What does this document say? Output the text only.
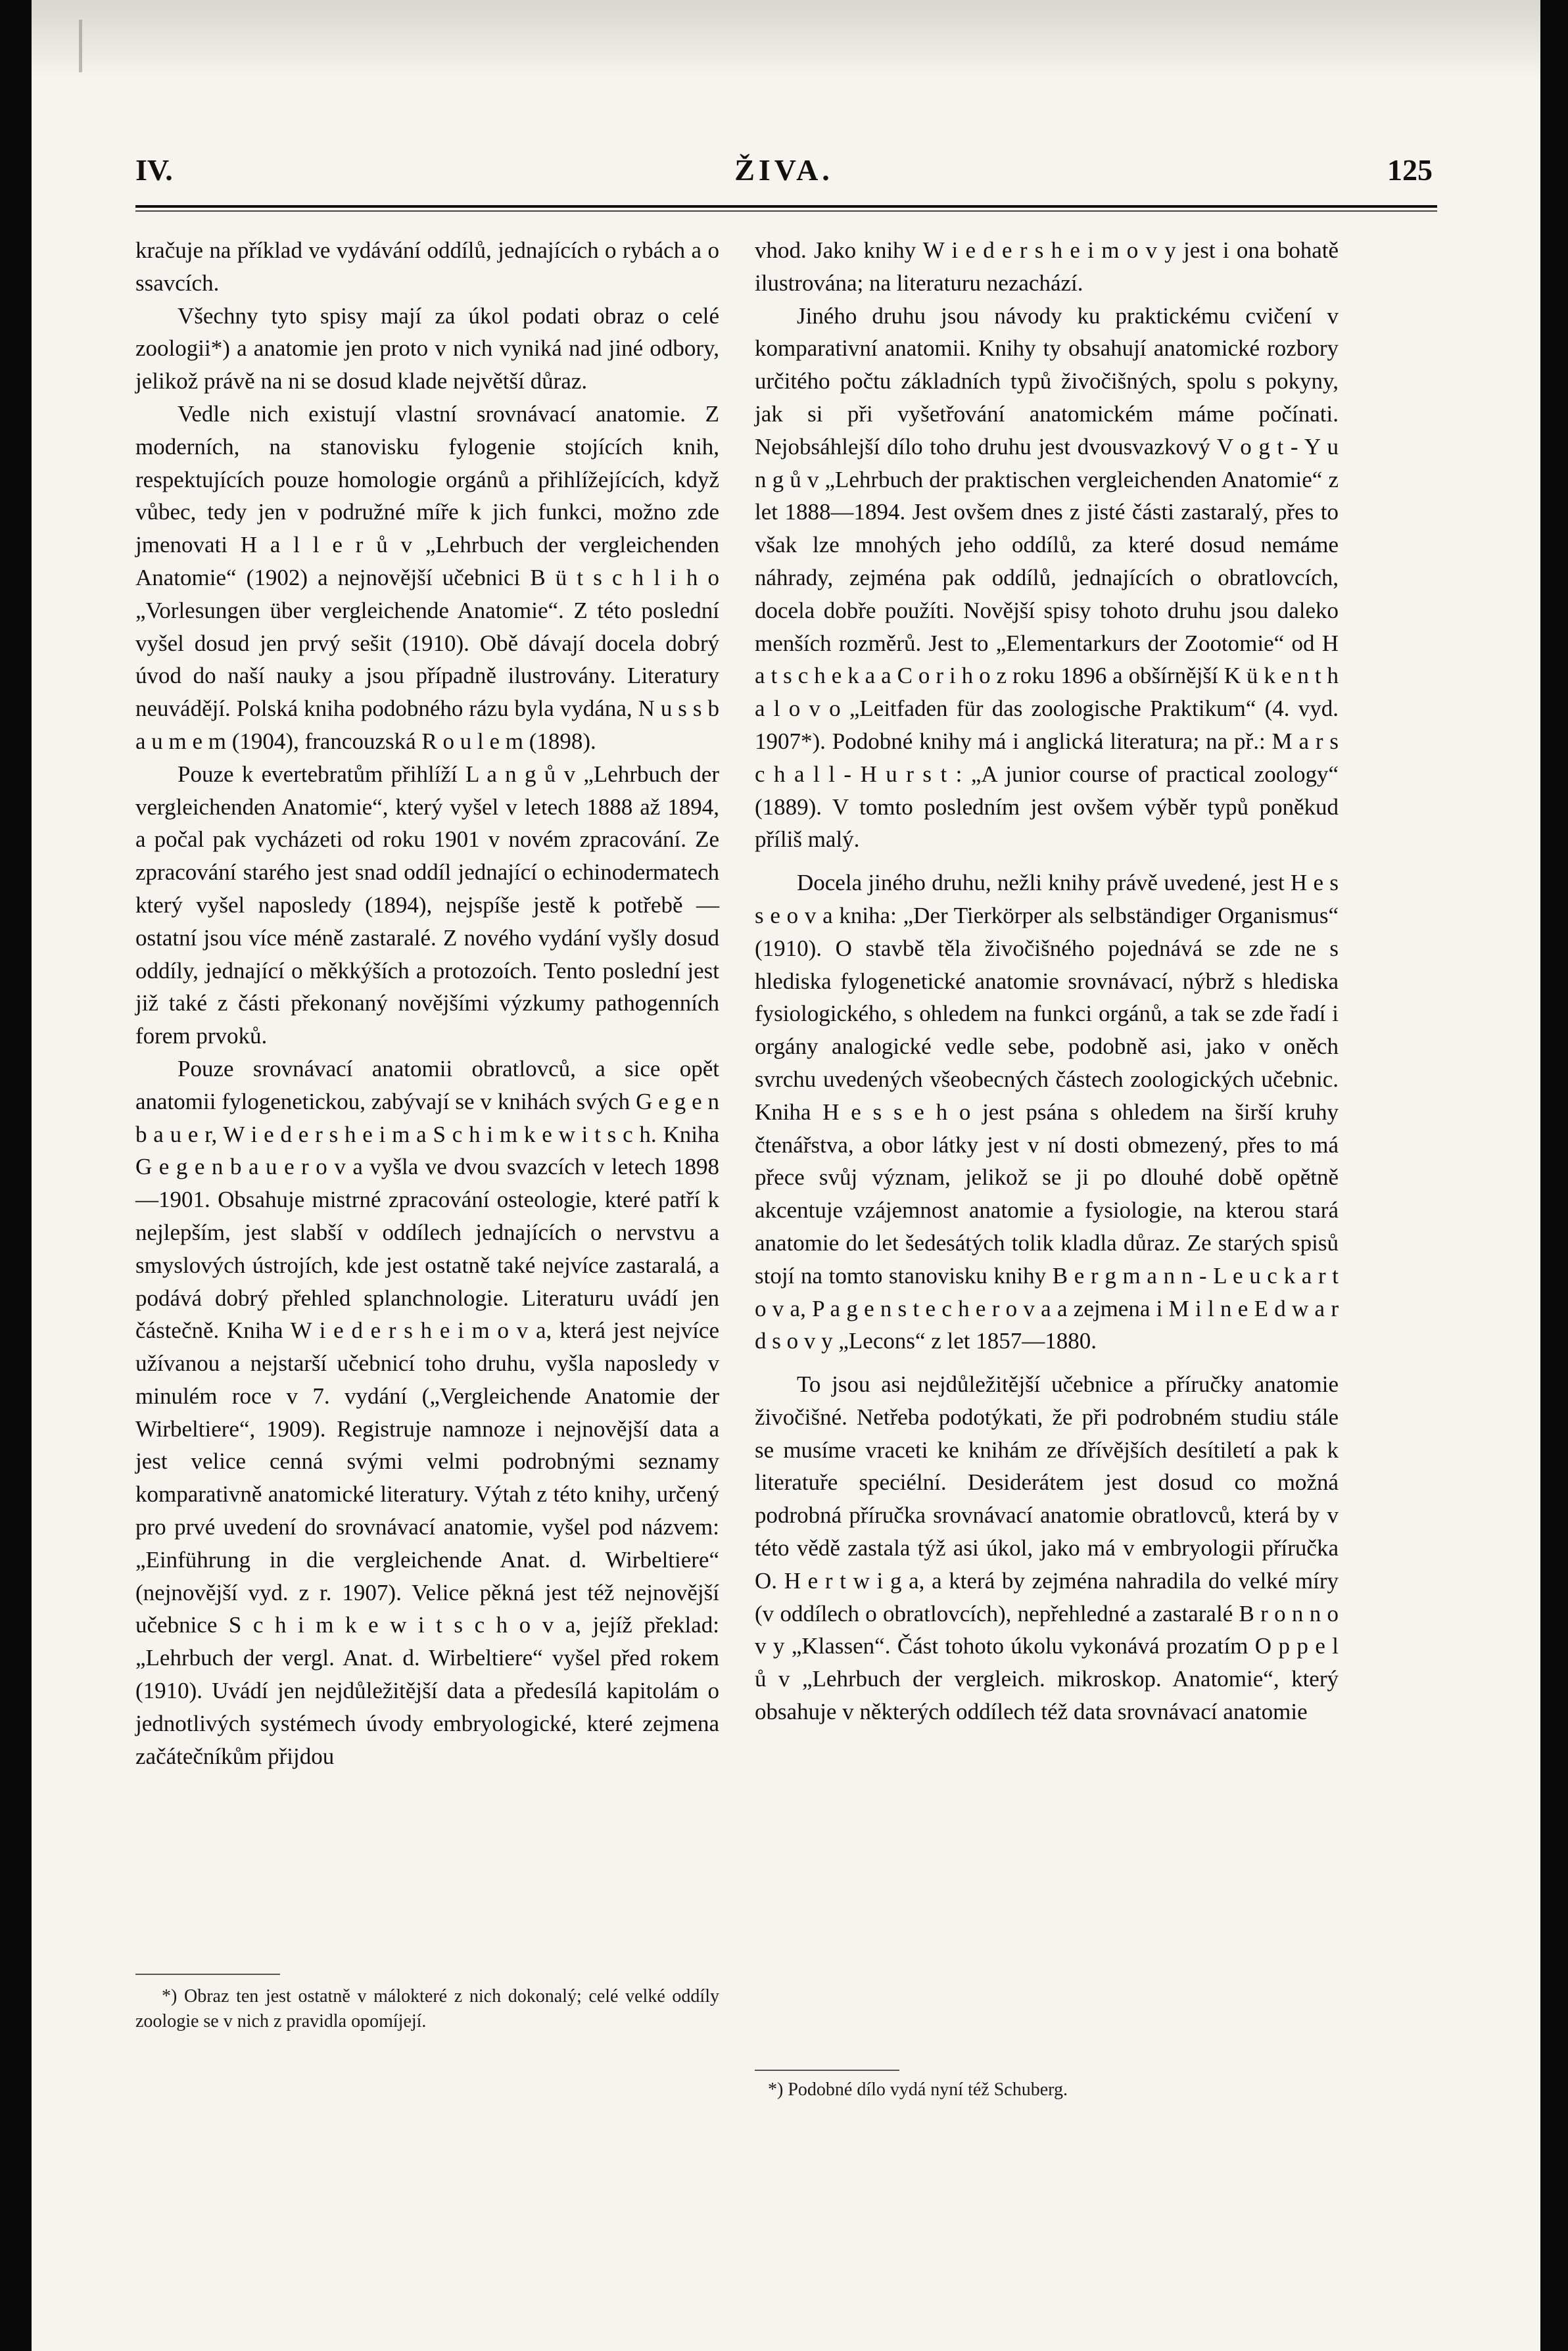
IV.	ŽIVA.	125

kračuje na příklad ve vydávání oddílů, jednajících o rybách a o ssavcích.

Všechny tyto spisy mají za úkol podati obraz o celé zoologii*) a anatomie jen proto v nich vyniká nad jiné odbory, jelikož právě na ni se dosud klade největší důraz.

Vedle nich existují vlastní srovnávací anatomie. Z moderních, na stanovisku fylogenie stojících knih, respektujících pouze homologie orgánů a přihlížejících, když vůbec, tedy jen v podružné míře k jich funkci, možno zde jmenovati H a l l e r ů v „Lehrbuch der vergleichenden Anatomie“ (1902) a nejnovější učebnici B ü t s c h l i h o „Vorlesungen über vergleichende Anatomie“. Z této poslední vyšel dosud jen prvý sešit (1910). Obě dávají docela dobrý úvod do naší nauky a jsou případně ilustrovány. Literatury neuvádějí. Polská kniha podobného rázu byla vydána, N u s s b a u m e m (1904), francouzská R o u l e m (1898).

Pouze k evertebratům přihlíží L a n g ů v „Lehrbuch der vergleichenden Anatomie“, který vyšel v letech 1888 až 1894, a počal pak vycházeti od roku 1901 v novém zpracování. Ze zpracování starého jest snad oddíl jednající o echinodermatech který vyšel naposledy (1894), nejspíše jestě k potřebě — ostatní jsou více méně zastaralé. Z nového vydání vyšly dosud oddíly, jednající o měkkýších a protozoích. Tento poslední jest již také z části překonaný novějšími výzkumy pathogenních forem prvoků.

Pouze srovnávací anatomii obratlovců, a sice opět anatomii fylogenetickou, zabývají se v knihách svých G e g e n b a u e r, W i e d e r s h e i m a S c h i m k e w i t s c h. Kniha G e g e n b a u e r o v a vyšla ve dvou svazcích v letech 1898—1901. Obsahuje mistrné zpracování osteologie, které patří k nejlepším, jest slabší v oddílech jednajících o nervstvu a smyslových ústrojích, kde jest ostatně také nejvíce zastaralá, a podává dobrý přehled splanchnologie. Literaturu uvádí jen částečně. Kniha W i e d e r s h e i m o v a, která jest nejvíce užívanou a nejstarší učebnicí toho druhu, vyšla naposledy v minulém roce v 7. vydání („Vergleichende Anatomie der Wirbeltiere“, 1909). Registruje namnoze i nejnovější data a jest velice cenná svými velmi podrobnými seznamy komparativně anatomické literatury. Výtah z této knihy, určený pro prvé uvedení do srovnávací anatomie, vyšel pod názvem: „Einführung in die vergleichende Anat. d. Wirbeltiere“ (nejnovější vyd. z r. 1907). Velice pěkná jest též nejnovější učebnice S c h i m k e w i t s c h o v a, jejíž překlad: „Lehrbuch der vergl. Anat. d. Wirbeltiere“ vyšel před rokem (1910). Uvádí jen nejdůležitější data a předesílá kapitolám o jednotlivých systémech úvody embryologické, které zejmena začátečníkům přijdou

*) Obraz ten jest ostatně v málokteré z nich dokonalý; celé velké oddíly zoologie se v nich z pravidla opomíjejí.

vhod. Jako knihy W i e d e r s h e i m o v y jest i ona bohatě ilustrována; na literaturu nezachází.

Jiného druhu jsou návody ku praktickému cvičení v komparativní anatomii. Knihy ty obsahují anatomické rozbory určitého počtu základních typů živočišných, spolu s pokyny, jak si při vyšetřování anatomickém máme počínati. Nejobsáhlejší dílo toho druhu jest dvousvazkový V o g t - Y u n g ů v „Lehrbuch der praktischen vergleichenden Anatomie“ z let 1888—1894. Jest ovšem dnes z jisté části zastaralý, přes to však lze mnohých jeho oddílů, za které dosud nemáme náhrady, zejména pak oddílů, jednajících o obratlovcích, docela dobře použíti. Novější spisy tohoto druhu jsou daleko menších rozměrů. Jest to „Elementarkurs der Zootomie“ od H a t s c h e k a a C o r i h o z roku 1896 a obšírnější K ü k e n t h a l o v o „Leitfaden für das zoologische Praktikum“ (4. vyd. 1907*). Podobné knihy má i anglická literatura; na př.: M a r s c h a l l - H u r s t : „A junior course of practical zoology“ (1889). V tomto posledním jest ovšem výběr typů poněkud příliš malý.

Docela jiného druhu, nežli knihy právě uvedené, jest H e s s e o v a kniha: „Der Tierkörper als selbständiger Organismus“ (1910). O stavbě těla živočišného pojednává se zde ne s hlediska fylogenetické anatomie srovnávací, nýbrž s hlediska fysiologického, s ohledem na funkci orgánů, a tak se zde řadí i orgány analogické vedle sebe, podobně asi, jako v oněch svrchu uvedených všeobecných částech zoologických učebnic. Kniha H e s s e h o jest psána s ohledem na širší kruhy čtenářstva, a obor látky jest v ní dosti obmezený, přes to má přece svůj význam, jelikož se ji po dlouhé době opětně akcentuje vzájemnost anatomie a fysiologie, na kterou stará anatomie do let šedesátých tolik kladla důraz. Ze starých spisů stojí na tomto stanovisku knihy B e r g m a n n - L e u c k a r t o v a, P a g e n s t e c h e r o v a a zejmena i M i l n e E d w a r d s o v y „Lecons“ z let 1857—1880.

To jsou asi nejdůležitější učebnice a příručky anatomie živočišné. Netřeba podotýkati, že při podrobném studiu stále se musíme vraceti ke knihám ze dřívějších desítiletí a pak k literatuře speciélní. Desiderátem jest dosud co možná podrobná příručka srovnávací anatomie obratlovců, která by v této vědě zastala týž asi úkol, jako má v embryologii příručka O. H e r t w i g a, a která by zejména nahradila do velké míry (v oddílech o obratlovcích), nepřehledné a zastaralé B r o n n o v y „Klassen“. Část tohoto úkolu vykonává prozatím O p p e l ů v „Lehrbuch der vergleich. mikroskop. Anatomie“, který obsahuje v některých oddílech též data srovnávací anatomie

*) Podobné dílo vydá nyní též Schuberg.
